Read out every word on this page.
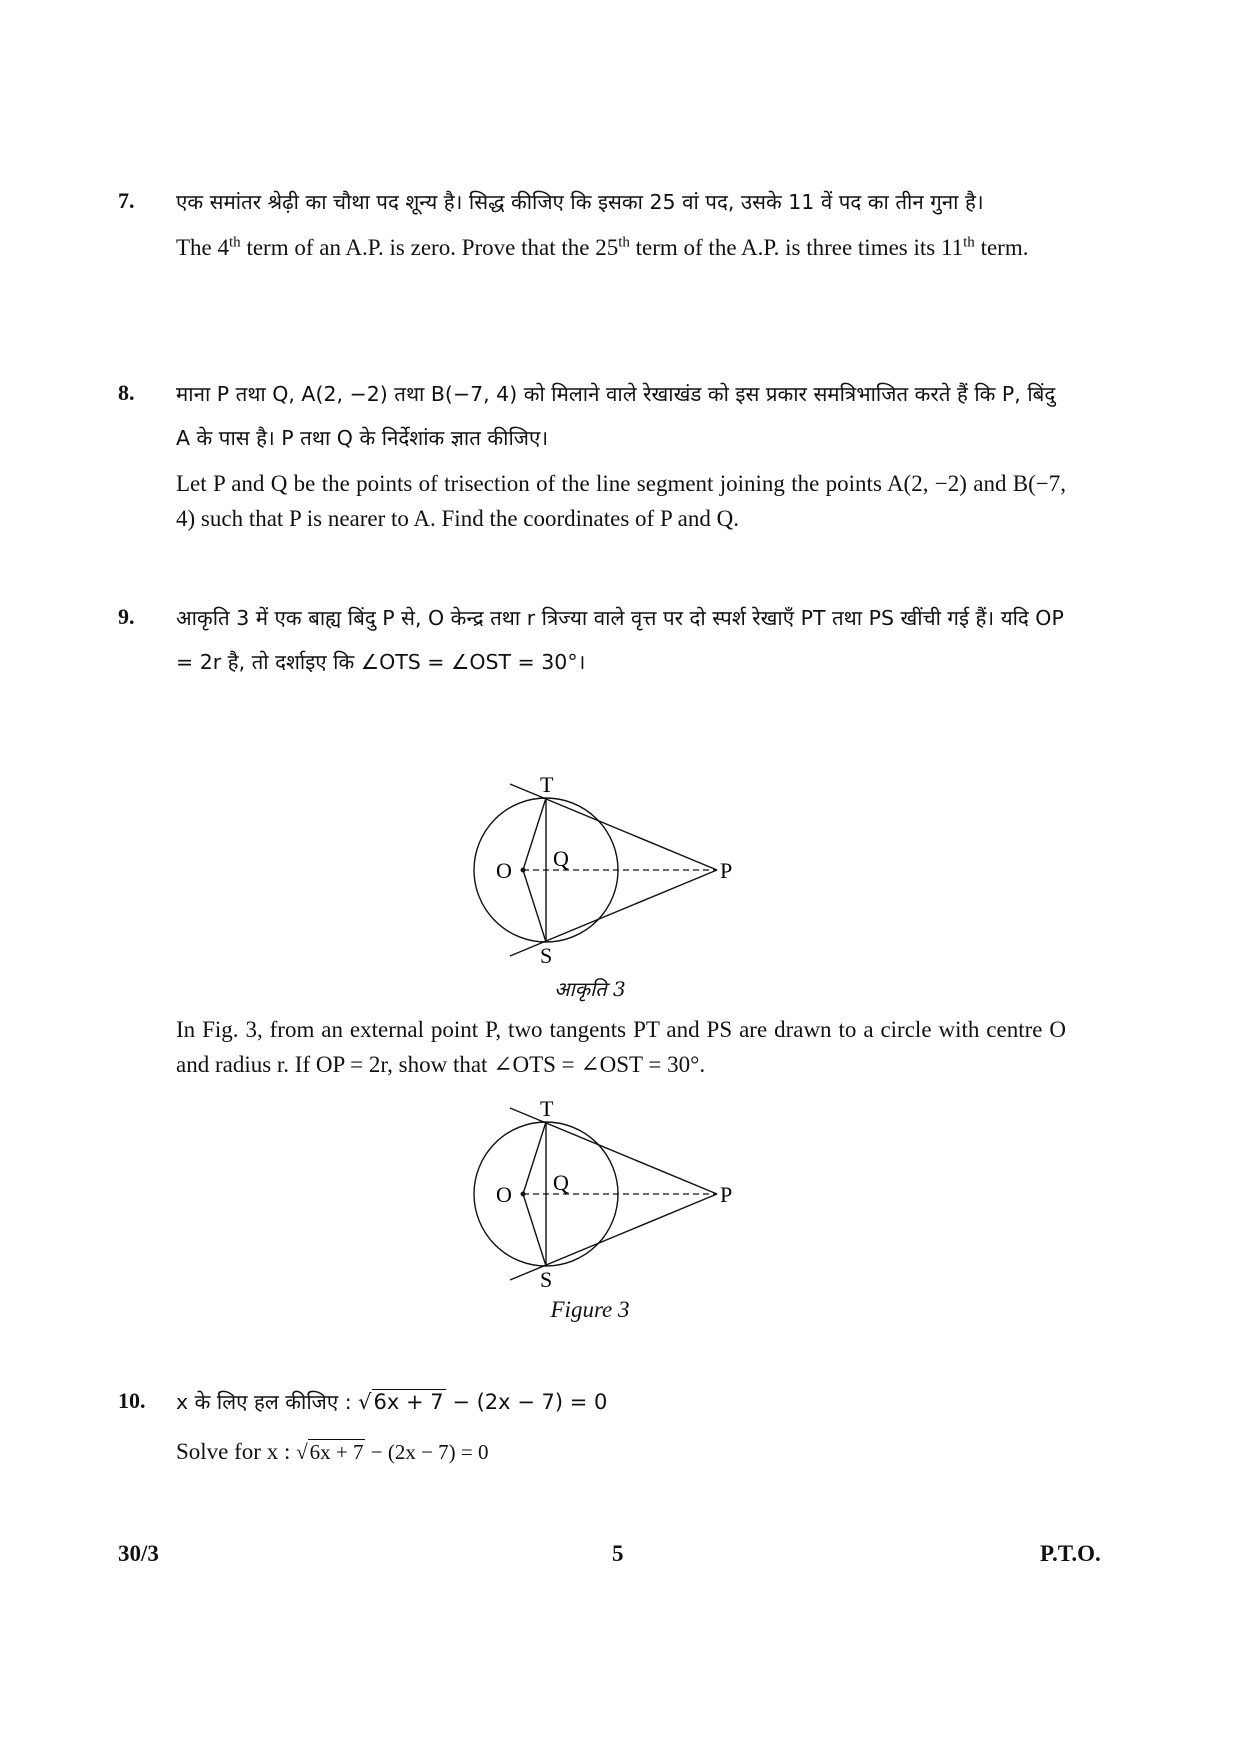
7. एक समांतर श्रेढ़ी का चौथा पद शून्य है। सिद्ध कीजिए कि इसका 25 वां पद, उसके 11 वें पद का तीन गुना है।
The 4th term of an A.P. is zero. Prove that the 25th term of the A.P. is three times its 11th term.
8. माना P तथा Q, A(2, −2) तथा B(−7, 4) को मिलाने वाले रेखाखंड को इस प्रकार समत्रिभाजित करते हैं कि P, बिंदु A के पास है। P तथा Q के निर्देशांक ज्ञात कीजिए।
Let P and Q be the points of trisection of the line segment joining the points A(2, −2) and B(−7, 4) such that P is nearer to A. Find the coordinates of P and Q.
9. आकृति 3 में एक बाह्य बिंदु P से, O केन्द्र तथा r त्रिज्या वाले वृत्त पर दो स्पर्श रेखाएँ PT तथा PS खींची गई हैं। यदि OP = 2r है, तो दर्शाइए कि ∠OTS = ∠OST = 30°।
T
O Q	P
S
आकृति 3
In Fig. 3, from an external point P, two tangents PT and PS are drawn to a circle with centre O and radius r. If OP = 2r, show that ∠OTS = ∠OST = 30°.
T
O Q	P
S
Figure 3
10. x के लिए हल कीजिए : √6x + 7 − (2x − 7) = 0
Solve for x : √6x + 7 − (2x − 7) = 0
30/3	5	P.T.O.
